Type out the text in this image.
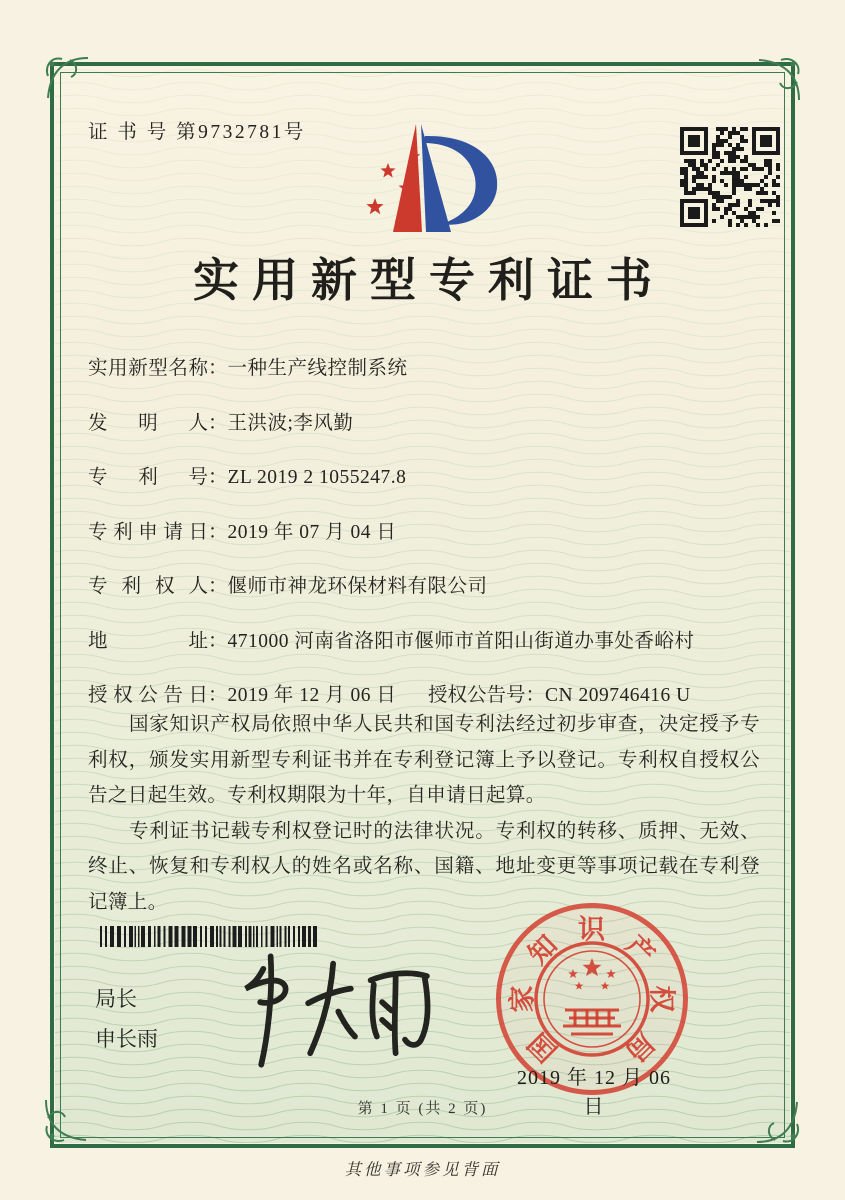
证 书 号 第9732781号
实用新型专利证书
实用新型名称：一种生产线控制系统
发明人：王洪波;李风勤
专利号：ZL 2019 2 1055247.8
专利申请日：2019 年 07 月 04 日
专利权人：偃师市神龙环保材料有限公司
地址：471000 河南省洛阳市偃师市首阳山街道办事处香峪村
授权公告日：2019 年 12 月 06 日 授权公告号：CN 209746416 U

国家知识产权局依照中华人民共和国专利法经过初步审查，决定授予专利权，颁发实用新型专利证书并在专利登记簿上予以登记。专利权自授权公告之日起生效。专利权期限为十年，自申请日起算。

专利证书记载专利权登记时的法律状况。专利权的转移、质押、无效、终止、恢复和专利权人的姓名或名称、国籍、地址变更等事项记载在专利登记簿上。

局长
申长雨	国
家
知
识
产
权
局
2019 年 12 月 06 日
第 1 页 (共 2 页)
其他事项参见背面
